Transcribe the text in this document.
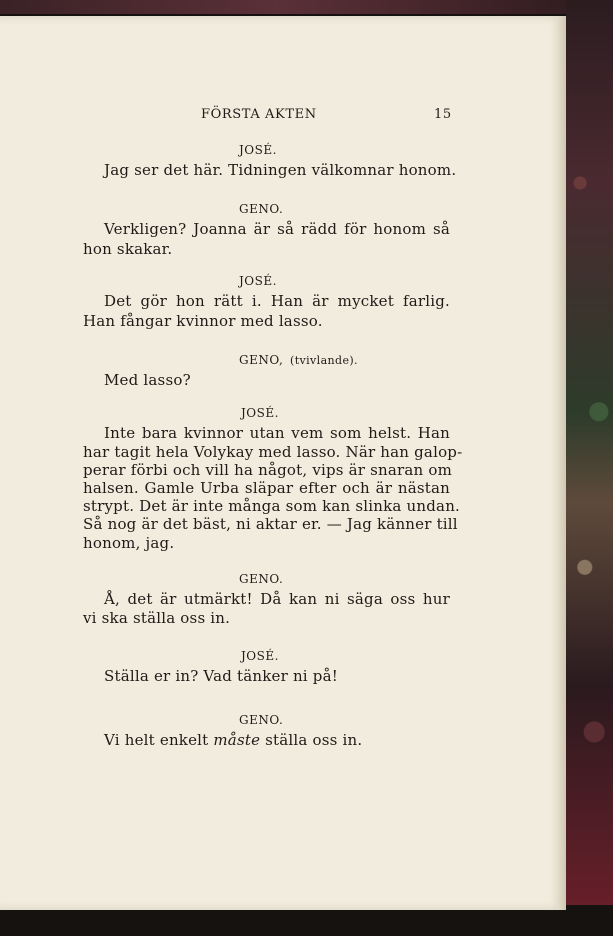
FÖRSTA AKTEN	15
JOSÉ.
Jag ser det här. Tidningen välkomnar honom.
GENO.
Verkligen? Joanna är så rädd för honom så
hon skakar.
JOSÉ.
Det gör hon rätt i. Han är mycket farlig.
Han fångar kvinnor med lasso.
GENO, (tvivlande).
Med lasso?
JOSÉ.
Inte bara kvinnor utan vem som helst. Han
har tagit hela Volykay med lasso. När han galop-
perar förbi och vill ha något, vips är snaran om
halsen. Gamle Urba släpar efter och är nästan
strypt. Det är inte många som kan slinka undan.
Så nog är det bäst, ni aktar er. — Jag känner till
honom, jag.
GENO.
Å, det är utmärkt! Då kan ni säga oss hur
vi ska ställa oss in.
JOSÉ.
Ställa er in? Vad tänker ni på!
GENO.
Vi helt enkelt måste ställa oss in.
